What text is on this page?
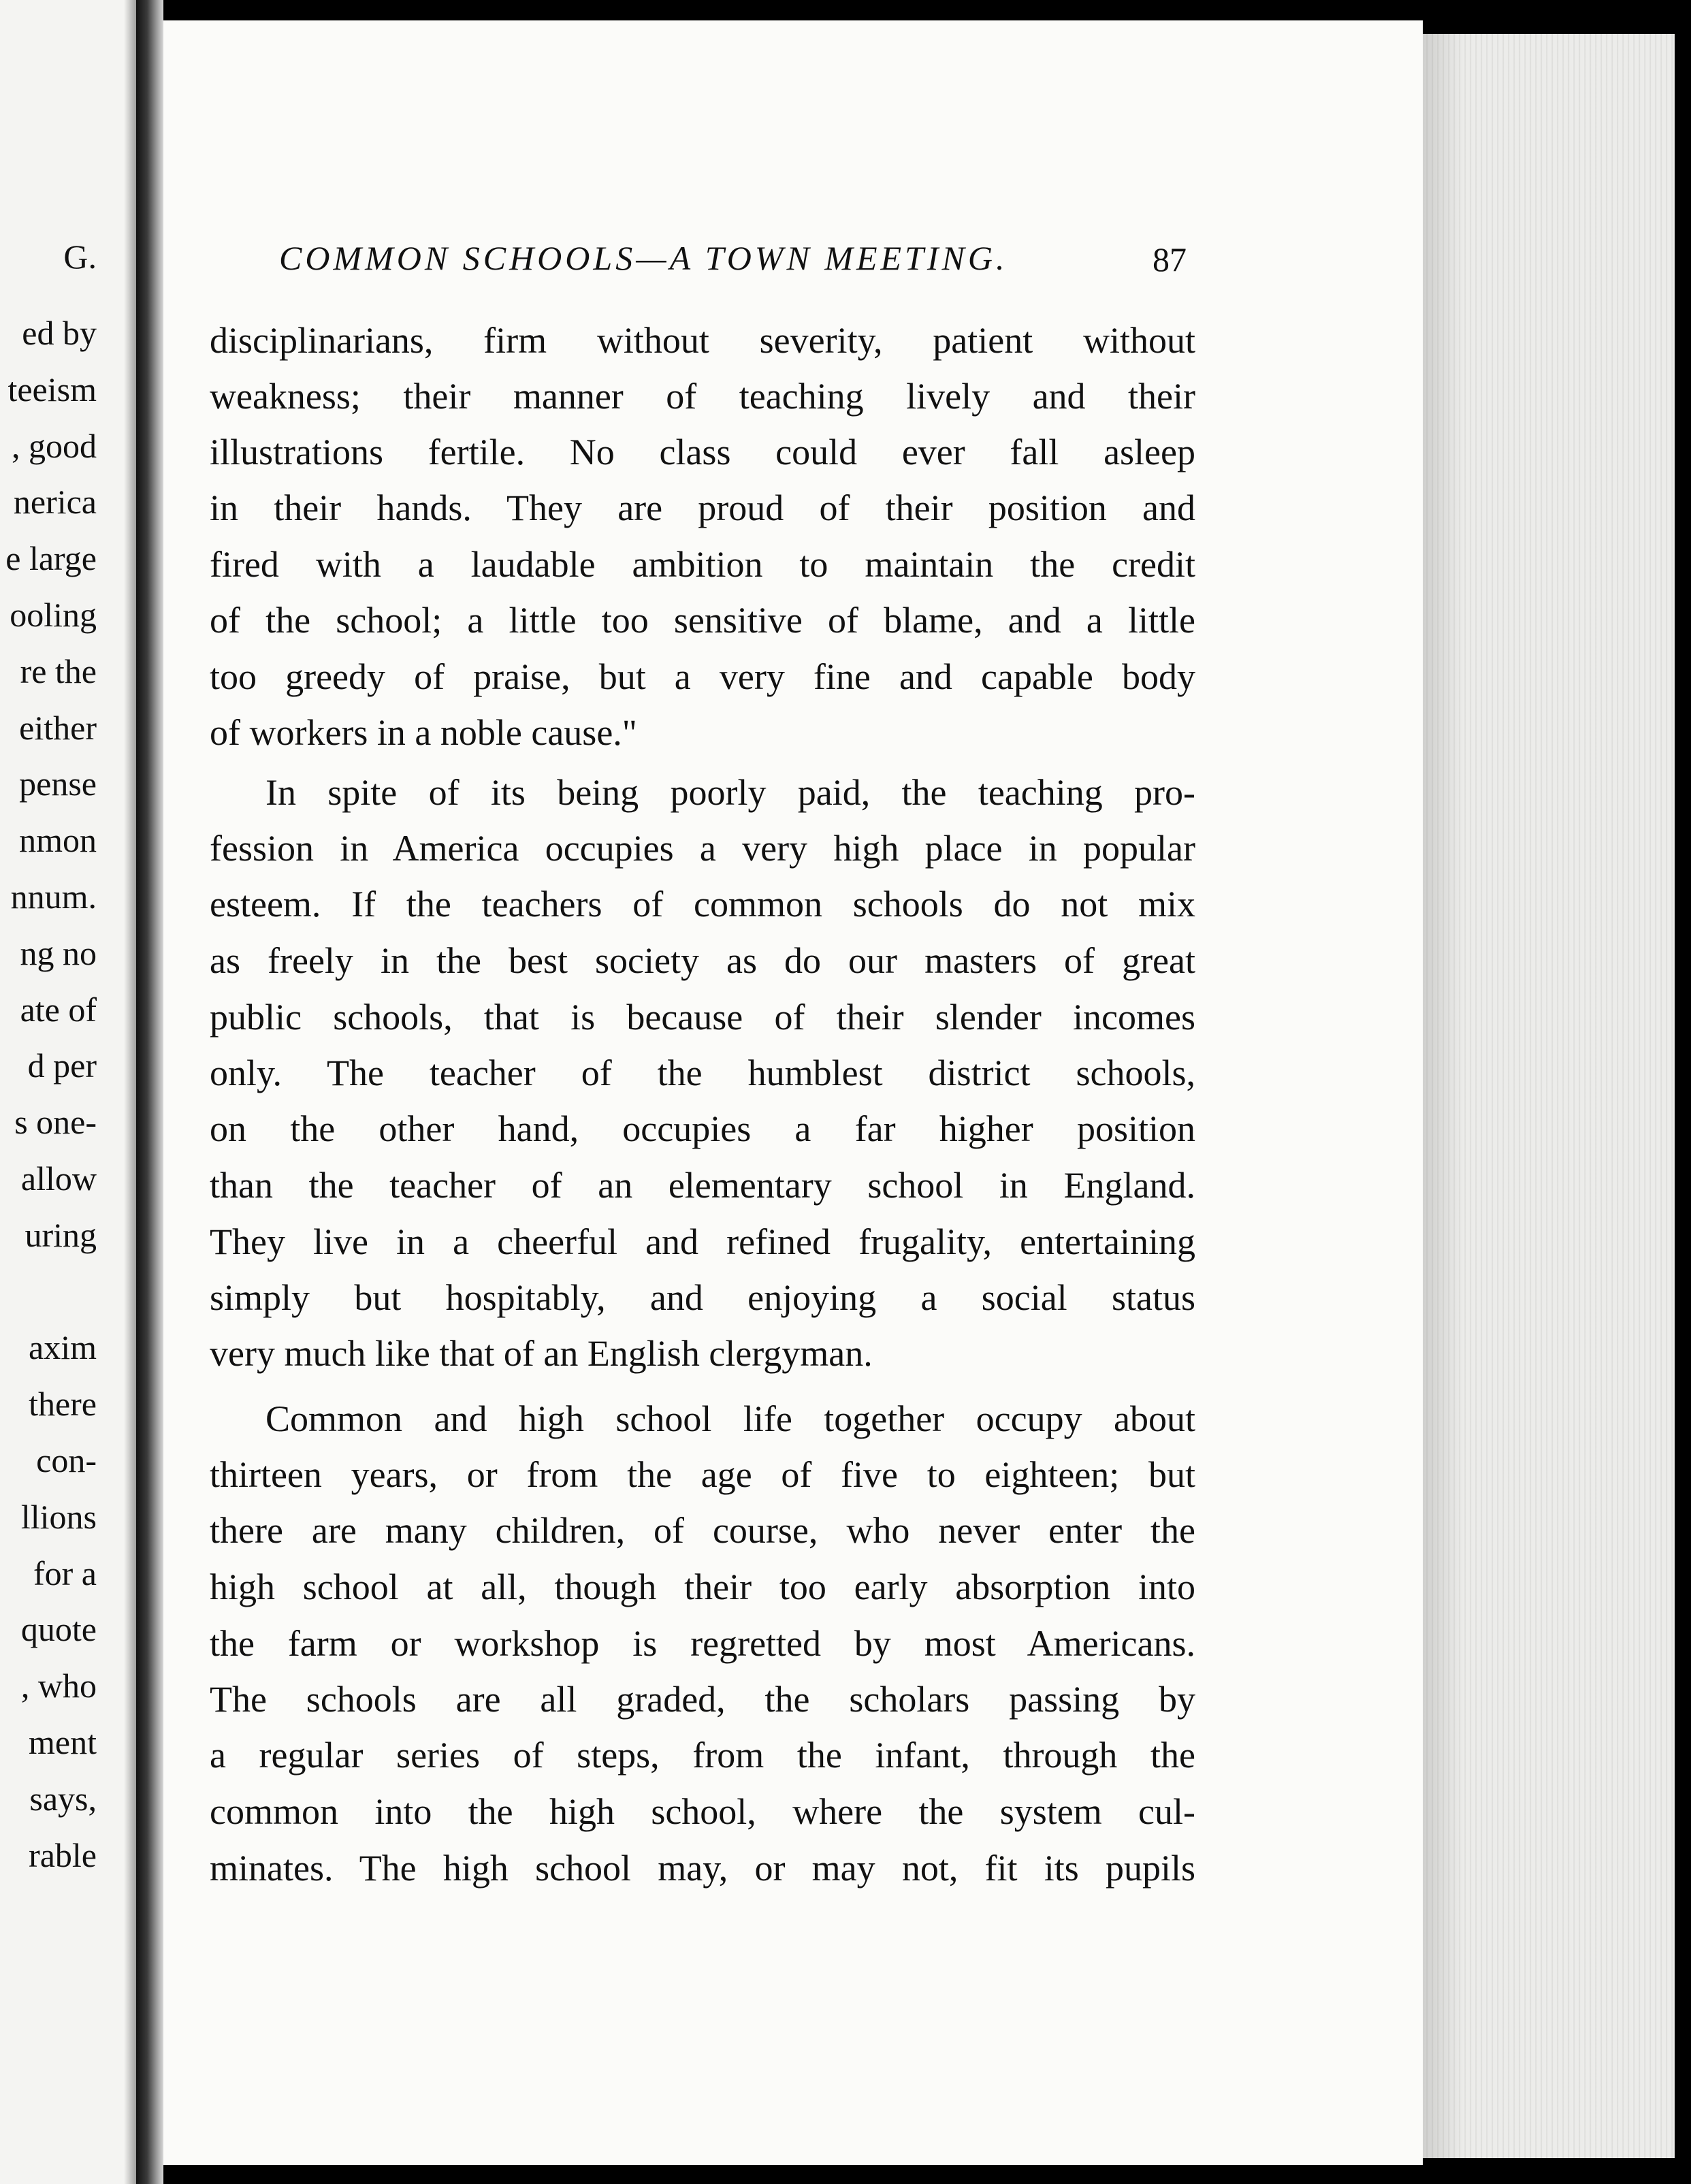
G.
ed by
teeism
, good
nerica
e large
ooling
re the
either
pense
nmon
nnum.
ng no
ate of
d per
s one-
allow
uring
axim
there
con-
llions
for a
quote
, who
ment
says,
rable
COMMON SCHOOLS—A TOWN MEETING.	87
disciplinarians, firm without severity, patient without
weakness; their manner of teaching lively and their
illustrations fertile. No class could ever fall asleep
in their hands. They are proud of their position and
fired with a laudable ambition to maintain the credit
of the school; a little too sensitive of blame, and a little
too greedy of praise, but a very fine and capable body
of workers in a noble cause."
In spite of its being poorly paid, the teaching pro-
fession in America occupies a very high place in popular
esteem. If the teachers of common schools do not mix
as freely in the best society as do our masters of great
public schools, that is because of their slender incomes
only. The teacher of the humblest district schools,
on the other hand, occupies a far higher position
than the teacher of an elementary school in England.
They live in a cheerful and refined frugality, entertaining
simply but hospitably, and enjoying a social status
very much like that of an English clergyman.
Common and high school life together occupy about
thirteen years, or from the age of five to eighteen; but
there are many children, of course, who never enter the
high school at all, though their too early absorption into
the farm or workshop is regretted by most Americans.
The schools are all graded, the scholars passing by
a regular series of steps, from the infant, through the
common into the high school, where the system cul-
minates. The high school may, or may not, fit its pupils
